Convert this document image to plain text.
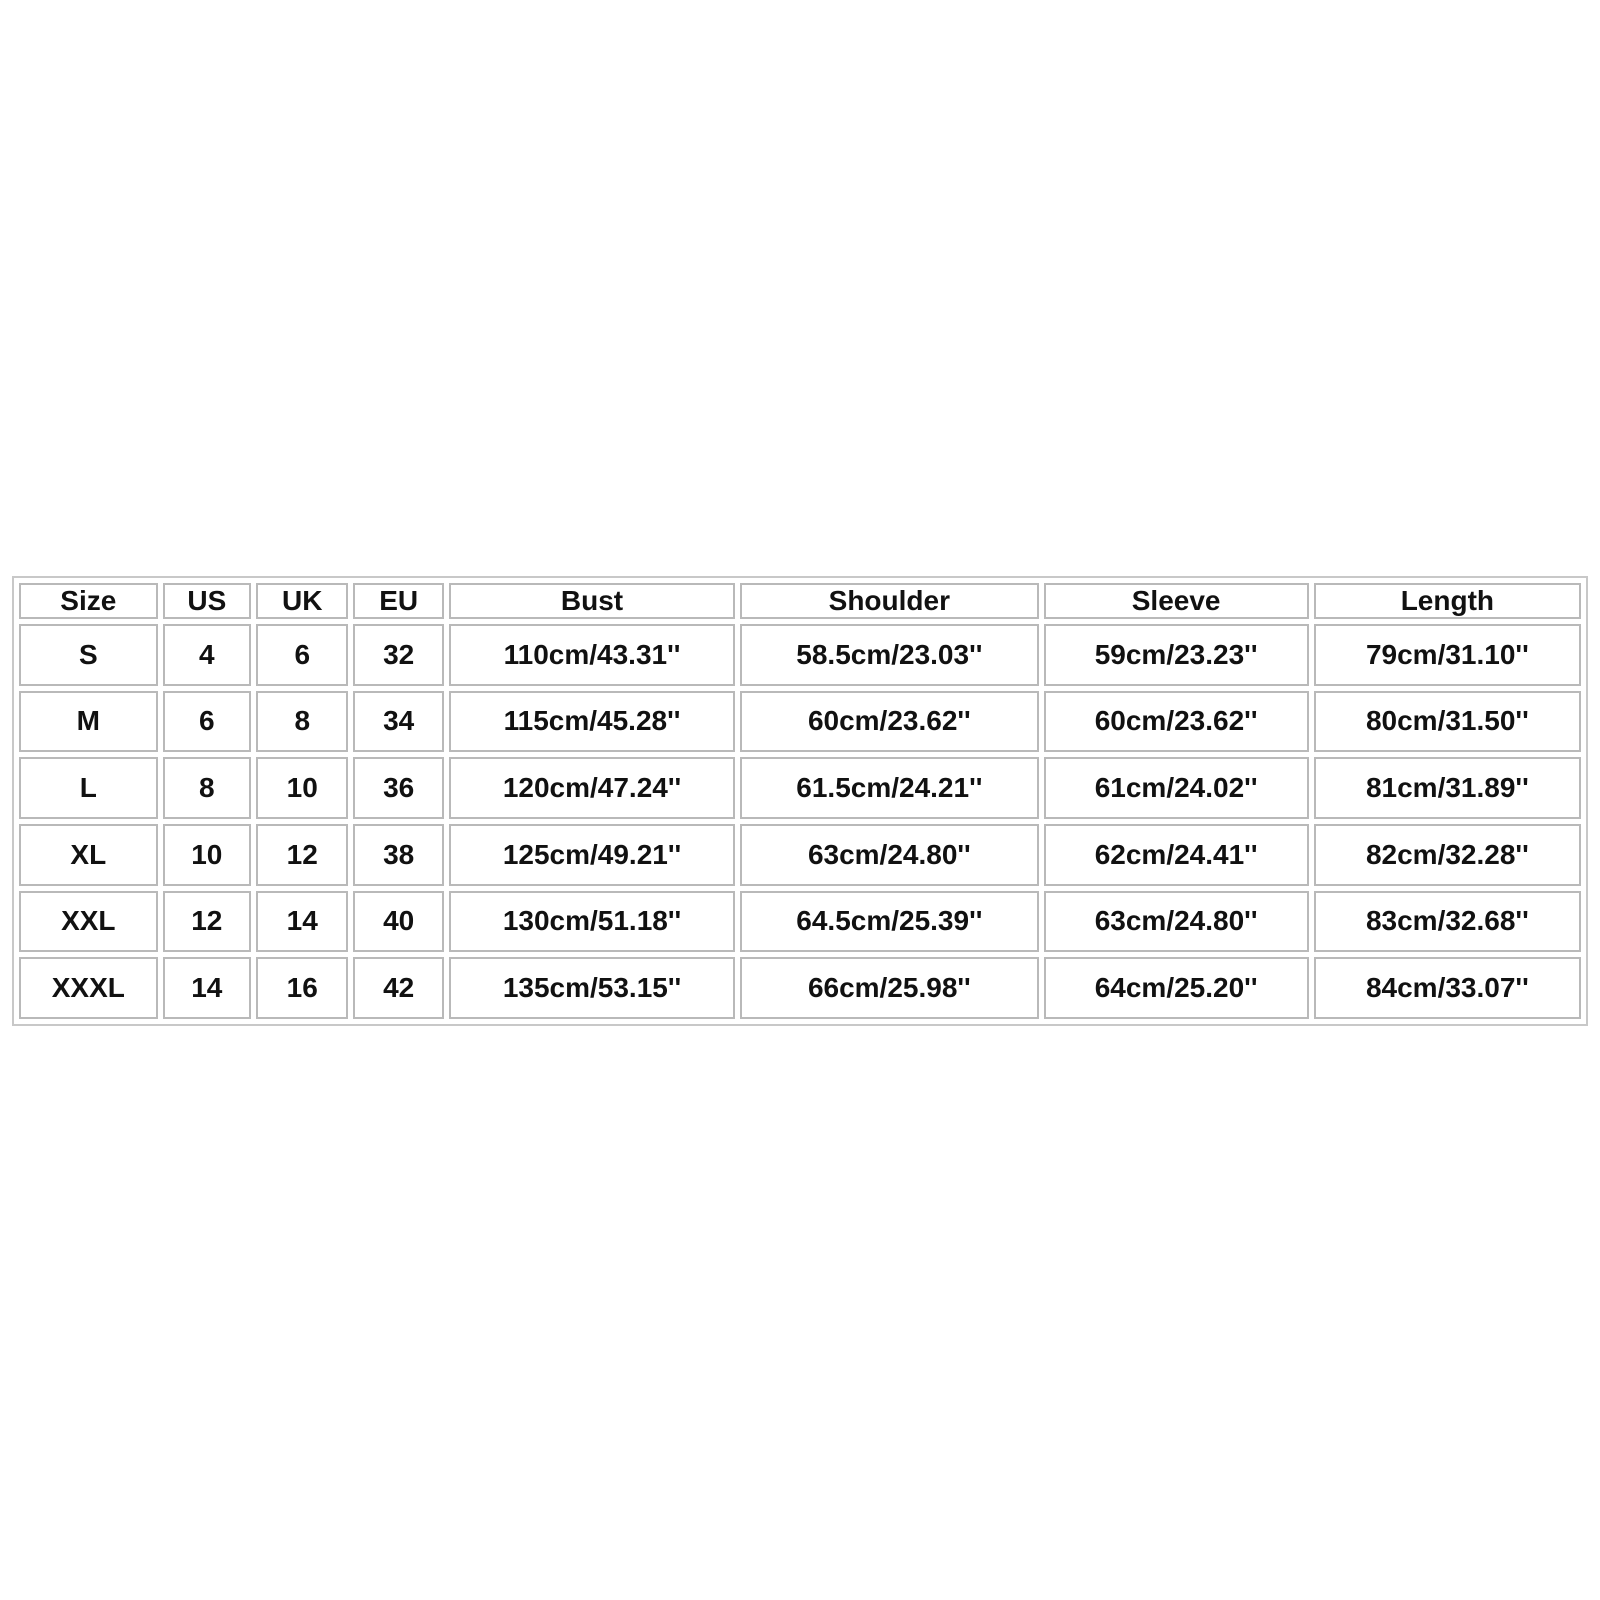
Size	US	UK	EU	Bust	Shoulder	Sleeve	Length
S	4	6	32	110cm/43.31''	58.5cm/23.03''	59cm/23.23''	79cm/31.10''
M	6	8	34	115cm/45.28''	60cm/23.62''	60cm/23.62''	80cm/31.50''
L	8	10	36	120cm/47.24''	61.5cm/24.21''	61cm/24.02''	81cm/31.89''
XL	10	12	38	125cm/49.21''	63cm/24.80''	62cm/24.41''	82cm/32.28''
XXL	12	14	40	130cm/51.18''	64.5cm/25.39''	63cm/24.80''	83cm/32.68''
XXXL	14	16	42	135cm/53.15''	66cm/25.98''	64cm/25.20''	84cm/33.07''
